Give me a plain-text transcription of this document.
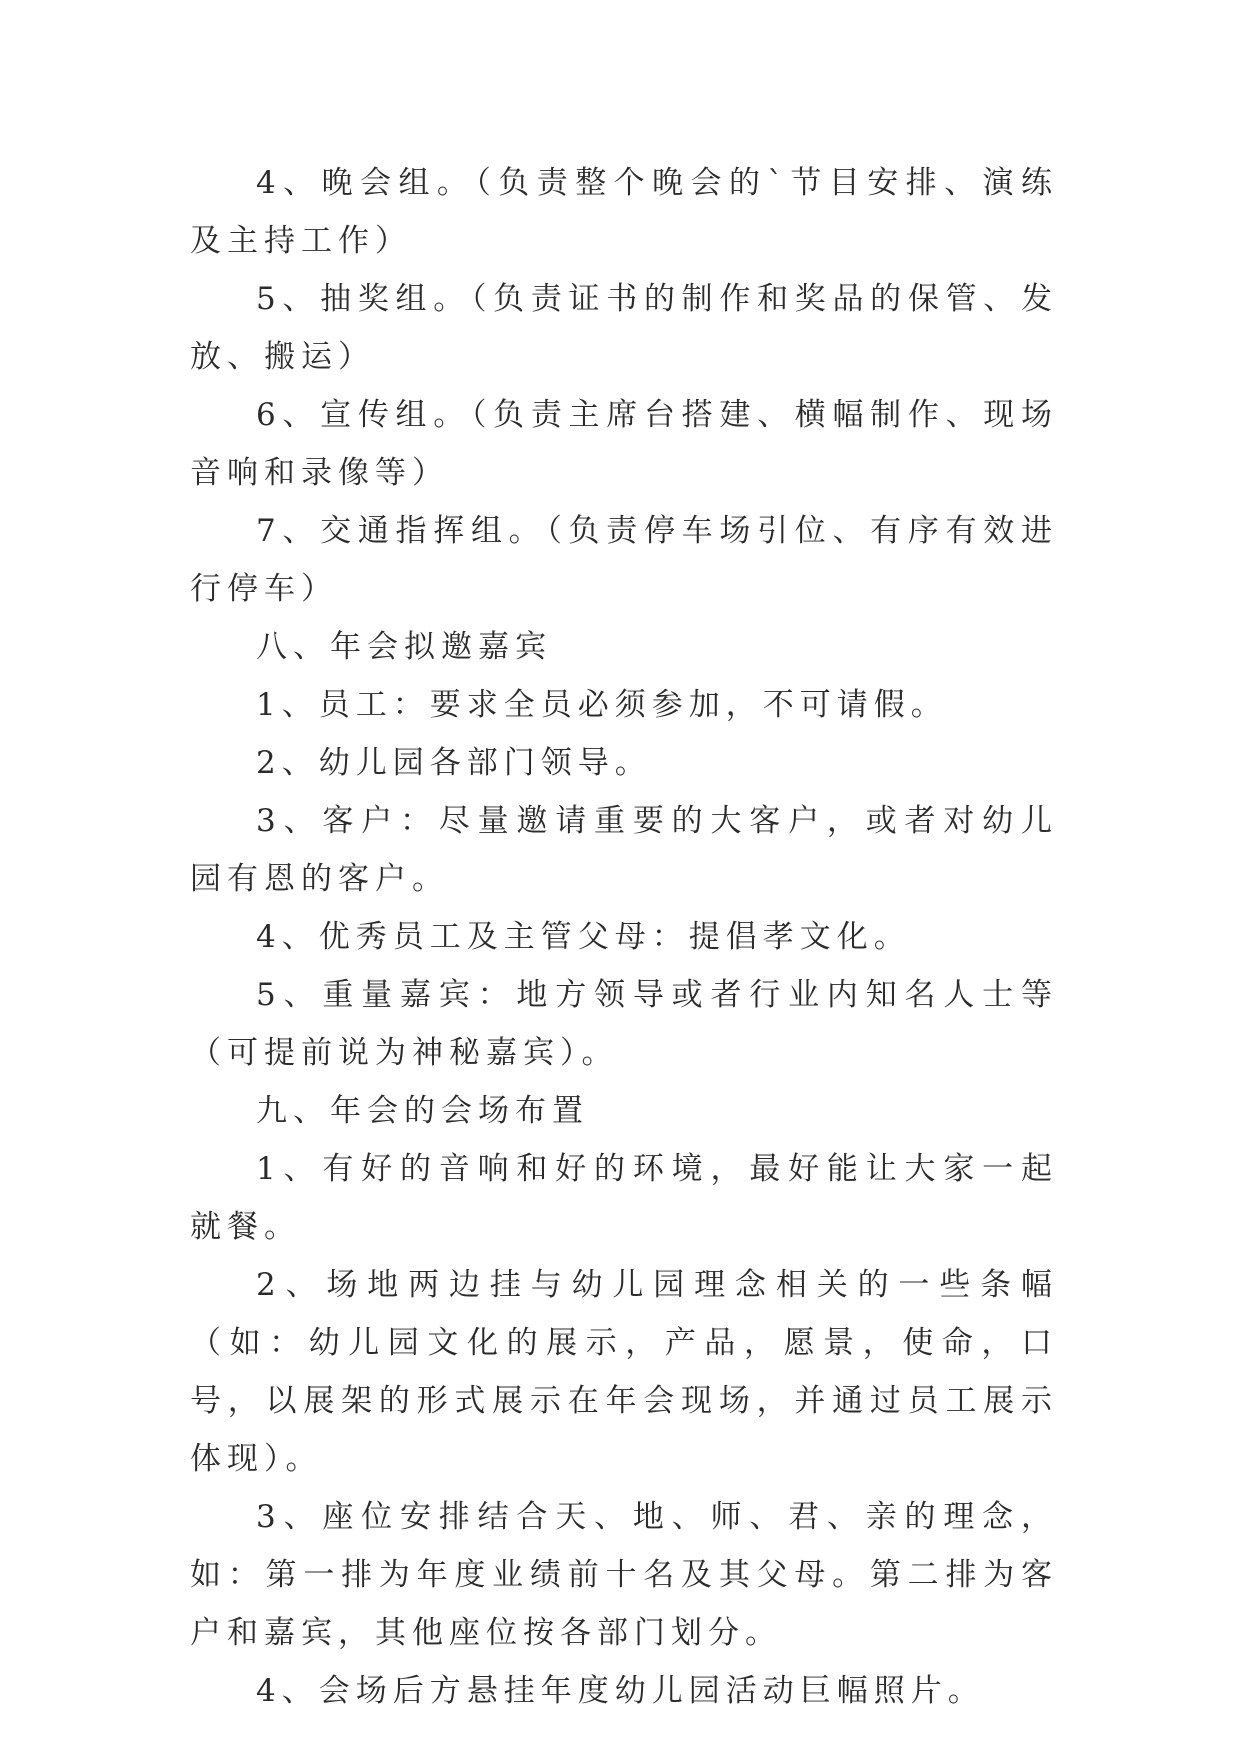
4、晚会组。（负责整个晚会的`节目安排、演练及主持工作）

5、抽奖组。（负责证书的制作和奖品的保管、发放、搬运）

6、宣传组。（负责主席台搭建、横幅制作、现场音响和录像等）

7、交通指挥组。（负责停车场引位、有序有效进行停车）

八、年会拟邀嘉宾

1、员工：要求全员必须参加，不可请假。

2、幼儿园各部门领导。

3、客户：尽量邀请重要的大客户，或者对幼儿园有恩的客户。

4、优秀员工及主管父母：提倡孝文化。

5、重量嘉宾：地方领导或者行业内知名人士等（可提前说为神秘嘉宾）。

九、年会的会场布置

1、有好的音响和好的环境，最好能让大家一起就餐。

2、场地两边挂与幼儿园理念相关的一些条幅（如：幼儿园文化的展示，产品，愿景，使命，口号，以展架的形式展示在年会现场，并通过员工展示体现）。

3、座位安排结合天、地、师、君、亲的理念，如：第一排为年度业绩前十名及其父母。第二排为客户和嘉宾，其他座位按各部门划分。

4、会场后方悬挂年度幼儿园活动巨幅照片。
